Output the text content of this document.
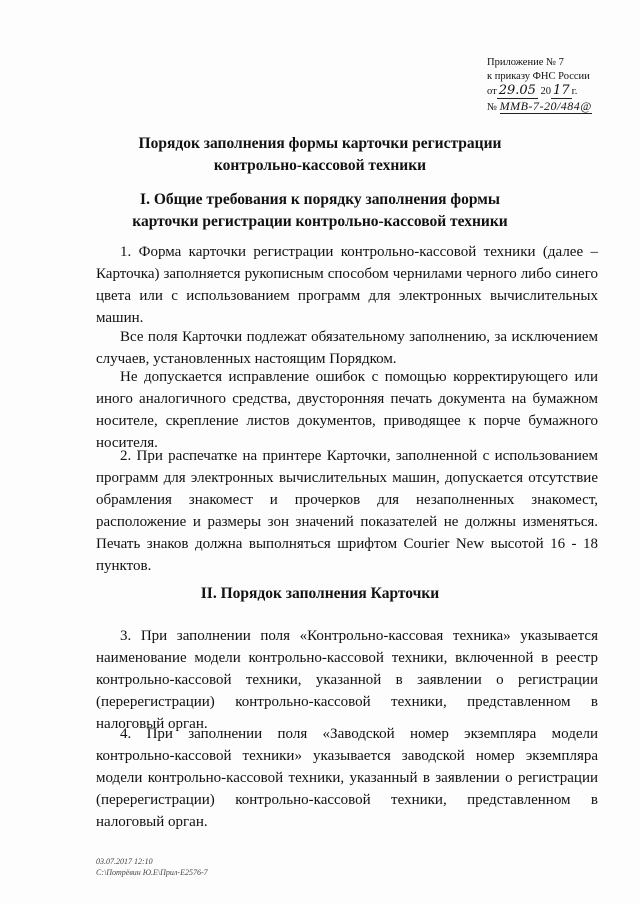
Приложение № 7
к приказу ФНС России
от 29.05 20 17 г.
№ ММВ-7-20/484@
Порядок заполнения формы карточки регистрации контрольно-кассовой техники
I. Общие требования к порядку заполнения формы карточки регистрации контрольно-кассовой техники

1. Форма карточки регистрации контрольно-кассовой техники (далее – Карточка) заполняется рукописным способом чернилами черного либо синего цвета или с использованием программ для электронных вычислительных машин.

Все поля Карточки подлежат обязательному заполнению, за исключением случаев, установленных настоящим Порядком.

Не допускается исправление ошибок с помощью корректирующего или иного аналогичного средства, двусторонняя печать документа на бумажном носителе, скрепление листов документов, приводящее к порче бумажного носителя.

2. При распечатке на принтере Карточки, заполненной с использованием программ для электронных вычислительных машин, допускается отсутствие обрамления знакомест и прочерков для незаполненных знакомест, расположение и размеры зон значений показателей не должны изменяться. Печать знаков должна выполняться шрифтом Courier New высотой 16 - 18 пунктов.

II. Порядок заполнения Карточки

3. При заполнении поля «Контрольно-кассовая техника» указывается наименование модели контрольно-кассовой техники, включенной в реестр контрольно-кассовой техники, указанной в заявлении о регистрации (перерегистрации) контрольно-кассовой техники, представленном в налоговый орган.

4. При заполнении поля «Заводской номер экземпляра модели контрольно-кассовой техники» указывается заводской номер экземпляра модели контрольно-кассовой техники, указанный в заявлении о регистрации (перерегистрации) контрольно-кассовой техники, представленном в налоговый орган.

03.07.2017 12:10
С:\Потрёвин Ю.Е\Прил-Е2576-7
